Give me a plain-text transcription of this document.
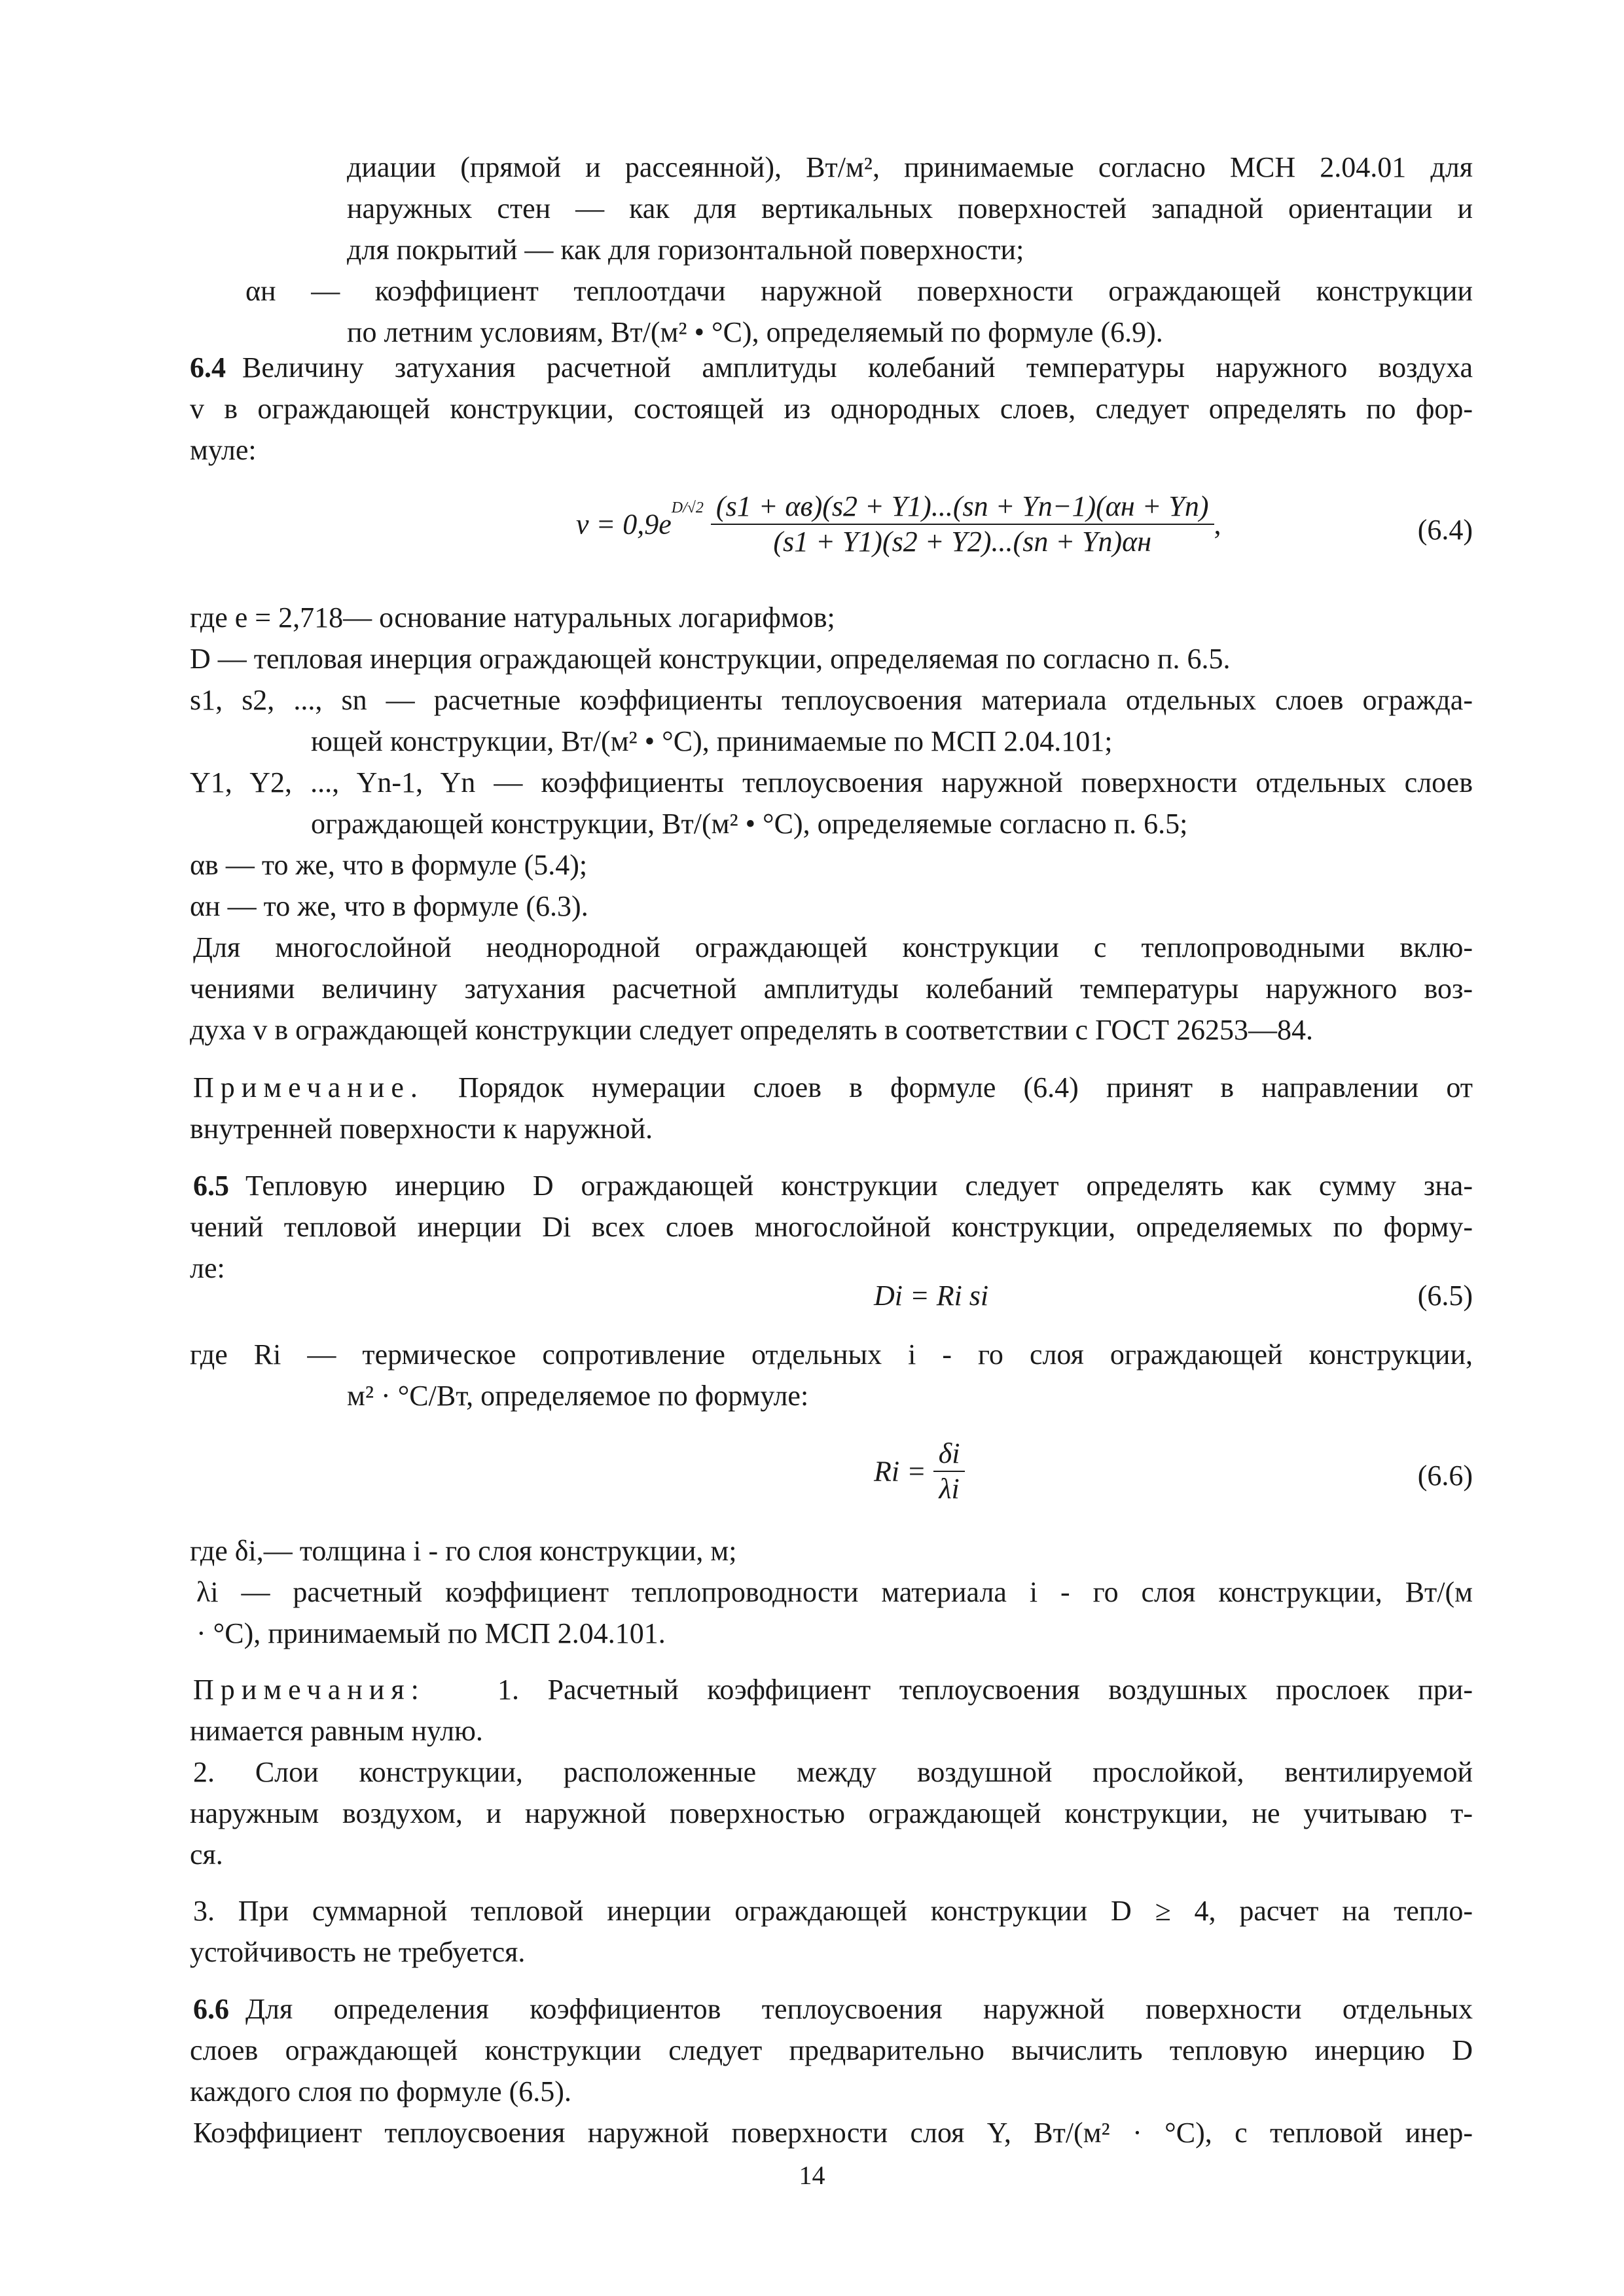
диации (прямой и рассеянной), Вт/м², принимаемые согласно МСН 2.04.01 для
наружных стен — как для вертикальных поверхностей западной ориентации и
для покрытий — как для горизонтальной поверхности;
αн — коэффициент теплоотдачи наружной поверхности ограждающей конструкции
по летним условиям, Вт/(м² • °С), определяемый по формуле (6.9).
6.4 Величину затухания расчетной амплитуды колебаний температуры наружного воздуха
v в ограждающей конструкции, состоящей из однородных слоев, следует определять по фор-
муле:
$\nu = 0,9e^{D/√2} \frac{(s1 + \alpha в)(s2 + Y1)...(sn + Yn-1)(\alpha н + Yn)}{(s1 + Y1)(s2 + Y2)...(sn + Yn)\alpha н}$ ,	(6.4)
где е = 2,718— основание натуральных логарифмов;
D — тепловая инерция ограждающей конструкции, определяемая по согласно п. 6.5.
s1, s2, ..., sn — расчетные коэффициенты теплоусвоения материала отдельных слоев огражда-
ющей конструкции, Вт/(м² • °С), принимаемые по МСП 2.04.101;
Y1, Y2, ..., Yn-1, Yn — коэффициенты теплоусвоения наружной поверхности отдельных слоев
ограждающей конструкции, Вт/(м² • °С), определяемые согласно п. 6.5;
αв — то же, что в формуле (5.4);
αн — то же, что в формуле (6.3).
Для многослойной неоднородной ограждающей конструкции с теплопроводными вклю-
чениями величину затухания расчетной амплитуды колебаний температуры наружного воз-
духа v в ограждающей конструкции следует определять в соответствии с ГОСТ 26253—84.
Примечание. Порядок нумерации слоев в формуле (6.4) принят в направлении от
внутренней поверхности к наружной.
6.5 Тепловую инерцию D ограждающей конструкции следует определять как сумму зна-
чений тепловой инерции Di всех слоев многослойной конструкции, определяемых по форму-
ле:
Di = Ri si	(6.5)
где Ri — термическое сопротивление отдельных i - го слоя ограждающей конструкции,
м² · °С/Вт, определяемое по формуле:
$Ri = \frac{\delta i}{\lambda i}$	(6.6)
где δi,— толщина i - го слоя конструкции, м;
λi — расчетный коэффициент теплопроводности материала i - го слоя конструкции, Вт/(м
· °С), принимаемый по МСП 2.04.101.
Примечания:	1. Расчетный коэффициент теплоусвоения воздушных прослоек при-
нимается равным нулю.
2. Слои конструкции, расположенные между воздушной прослойкой, вентилируемой
наружным воздухом, и наружной поверхностью ограждающей конструкции, не учитываю т-
ся.
3. При суммарной тепловой инерции ограждающей конструкции D ≥ 4, расчет на тепло-
устойчивость не требуется.
6.6 Для определения коэффициентов теплоусвоения наружной поверхности отдельных
слоев ограждающей конструкции следует предварительно вычислить тепловую инерцию D
каждого слоя по формуле (6.5).
Коэффициент теплоусвоения наружной поверхности слоя Y, Вт/(м² · °С), с тепловой инер-
14
